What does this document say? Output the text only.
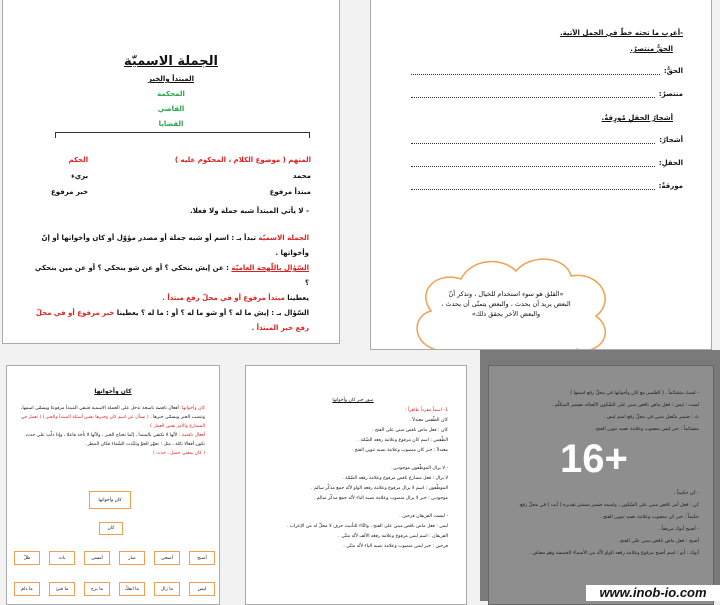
الجملة الاسميّة
المبتدأ والخبر
المحكمة
القاضي
القضايا
المتهم ( موضوع الكلام ، المحكوم عليه )
محمد
مبتدأ مرفوع
الحكم
بريء
خبر مرفوع
- لا يأتي المبتدأ شبه جملة ولا فعلا.

الجملة الاسميّة تبدأ بـ : اسم أو شبه جملة أو مصدر مؤوّل أو كان وأخواتها أو إنّ وأخواتها .

السّؤال باللّهجة العاميّة : عن إيش بنحكي ؟ أو عن شو بنحكي ؟ أو عن مين بنحكي ؟

يعطينا مبتدأ مرفوع أو في محلّ رفع مبتدأ .

السّؤال بـ : إيش ما له ؟ أو شو ما له ؟ أو : ما له ؟ يعطينا خبر مرفوع أو في محلّ رفع خبر المبتدأ .

-أعرب ما تحته خطّ في الجمل الآتية.
الحقُّ منتصرٌ.
الحقُّ:
منتصرٌ:
أشجارُ الحقلِ مُورِقةٌ.
أشجارُ:
الحقلِ:
مورقةٌ:
«القلق هو سوء استخدام للخيال ، وتذكر أنّ البعض يريد أن يحدث ، والبعض يتمنّى أن يحدث ، والبعض الآخر يحقق ذلك»
كان وأخواتها

كان وأخواتها: أفعال ناقصة ناسخة تدخل على الجملة الاسمية فتبقي المبتدأ مرفوعا ويسمّى اسمها، وتنصب الخبر ويسمّى خبرها . ( تسأل عن اسم كان وخبرها نفس أسئلة المبتدأ والخبر ) ( تعمل في المضارع والأمر نفس العمل )

أفعال ناقصة : لأنّها لا تكتفي بالمبتدأ ، إنّما تحتاج الخبر ، ولأنّها لا تأخذ فاعلا ، وإذا دلّت على حدث تكون أفعالا تامّة ، مثل : تجهّز الجوّ وتلبّدت السّماء فكان المطر .

( كان بمعنى حصل ، حدث )

كان وأخواتها
كان
أصبح
أضحى
صار
أمسى
بات
ظلّ
ليس
ما زال
ما انفكّ
ما برح
ما فتئ
ما دام

صور خبر كان وأخواتها

1- اسماً مفرداً ظاهراً :

كان الطّقس معتدلاً .

كان : فعل ماض ناقص مبني على الفتح .

الطّقس : اسم كان مرفوع وعلامة رفعه الضّمّة .

معتدلاً : خبر كان منصوب وعلامة نصبه تنوين الفتح .

- لا يزال الموظّفون موجودين .

لا يزال : فعل مضارع ناقص مرفوع وعلامة رفعه الضّمّة .

الموظّفون : اسم لا يزال مرفوع وعلامة رفعه الواو لأنّه جمع مذكّر سالم .

موجودين : خبر لا يزال منصوب وعلامة نصبه الياء لأنّه جمع مذكّر سالم .

- ليست الفريقان فرحين .

ليس : فعل ماض ناقص مبني على الفتح ، والتّاء للتأنيث حرف لا محلّ له من الإعراب .

الفريقان : اسم ليس مرفوع وعلامة رفعه الألف لأنّه مثنّى .

فرحين : خبر ليس منصوب وعلامة نصبه الياء لأنّه مثنّى .

- لستُ متشائماً . ( الضّمير مع كان وأخواتها في محلّ رفع اسمها )

لست : ليس : فعل ماض ناقص مبني على السّكون لاتّصاله بضمير المتكلّم .

تُ : ضمير متّصل مبني في محلّ رفع اسم ليس .

متشائماً : خبر ليس منصوب وعلامة نصبه تنوين الفتح .

- كن حكيماً .

كن : فعل أمر ناقص مبني على السّكون ، واسمه ضمير مستتر تقديره ( أنت ) في محلّ رفع .

حكيماً : خبر كن منصوب وعلامة نصبه تنوين الفتح .

- أصبح أبوك مريضاً .

أصبح : فعل ماض ناقص مبني على الفتح .

أبوك : أبو : اسم أصبح مرفوع وعلامة رفعه الواو لأنّه من الأسماء الخمسة وهو مضاف .

16+
www.inob-io.com
